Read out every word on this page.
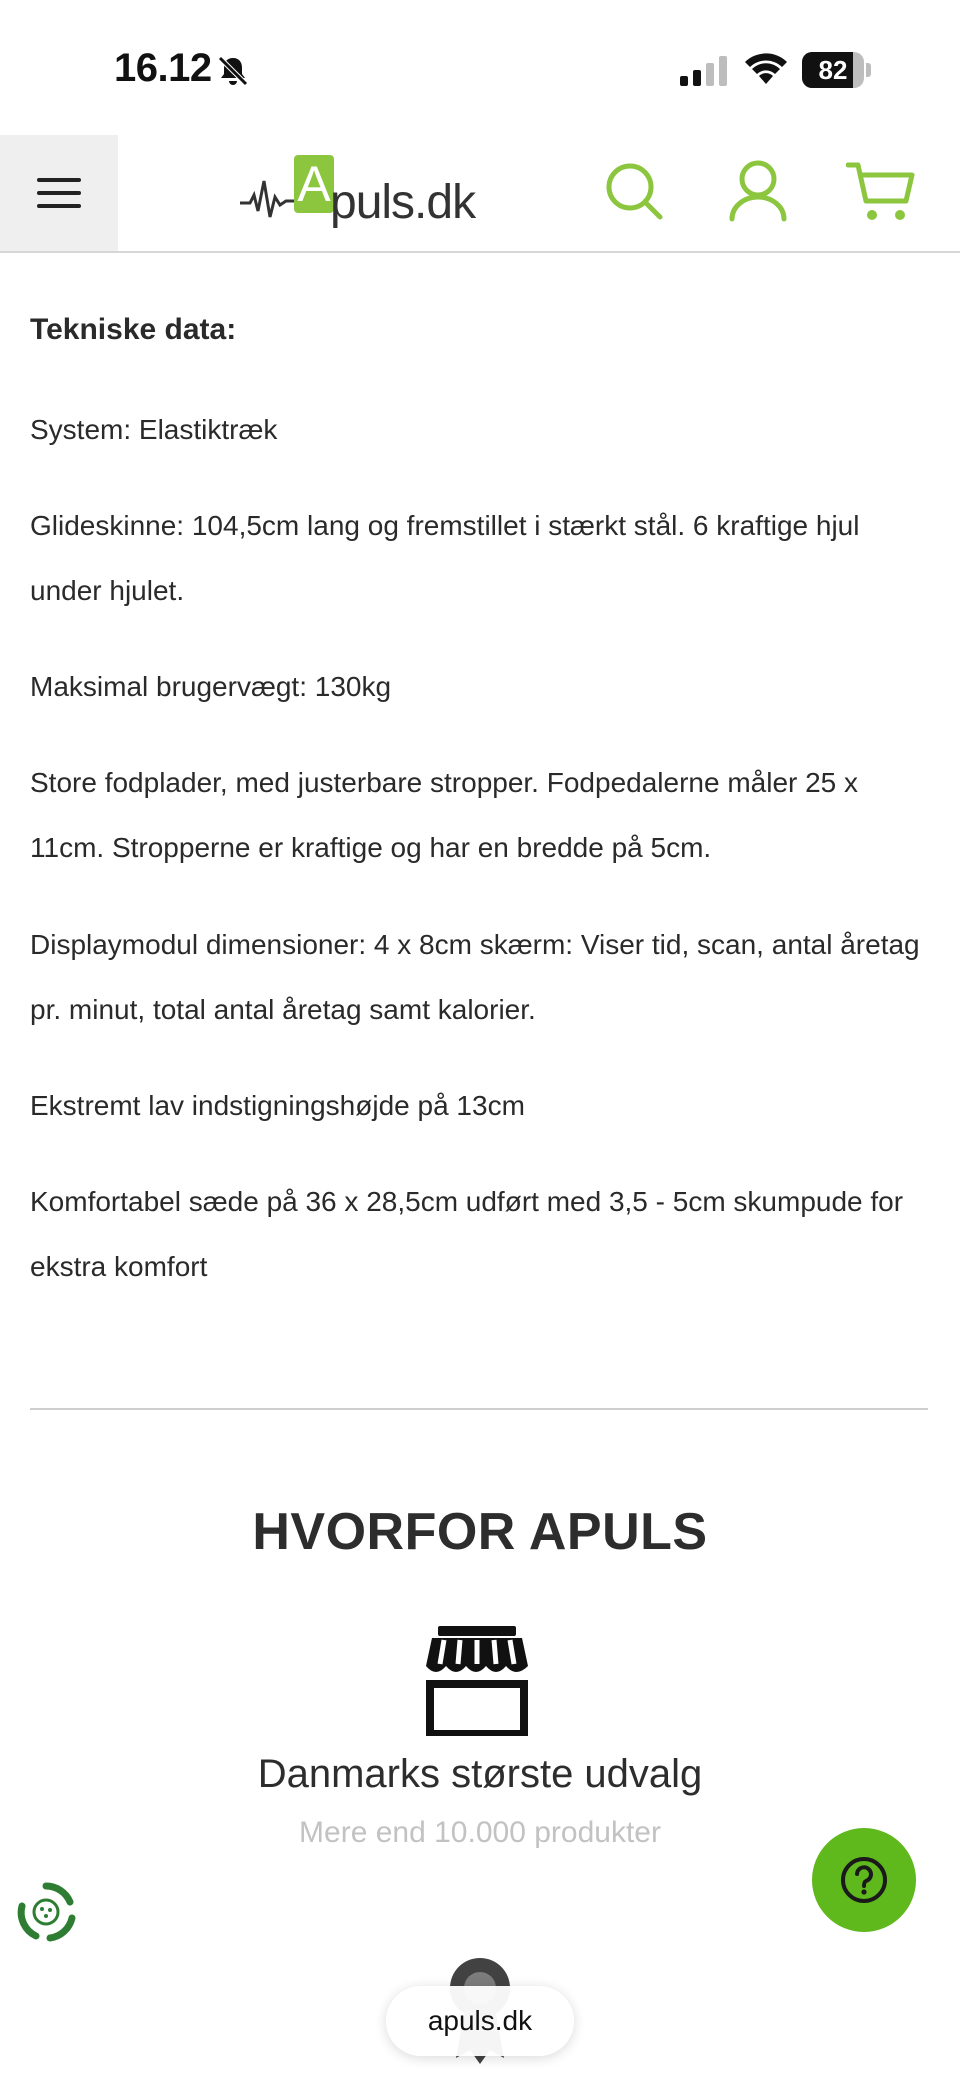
16.12	82
A puls.dk
Tekniske data:
System: Elastiktræk
Glideskinne: 104,5cm lang og fremstillet i stærkt stål. 6 kraftige hjul under hjulet.
Maksimal brugervægt: 130kg
Store fodplader, med justerbare stropper. Fodpedalerne måler 25 x 11cm. Stropperne er kraftige og har en bredde på 5cm.
Displaymodul dimensioner: 4 x 8cm skærm: Viser tid, scan, antal åretag pr. minut, total antal åretag samt kalorier.
Ekstremt lav indstigningshøjde på 13cm
Komfortabel sæde på 36 x 28,5cm udført med 3,5 - 5cm skumpude for ekstra komfort
HVORFOR APULS
Danmarks største udvalg
Mere end 10.000 produkter
apuls.dk
